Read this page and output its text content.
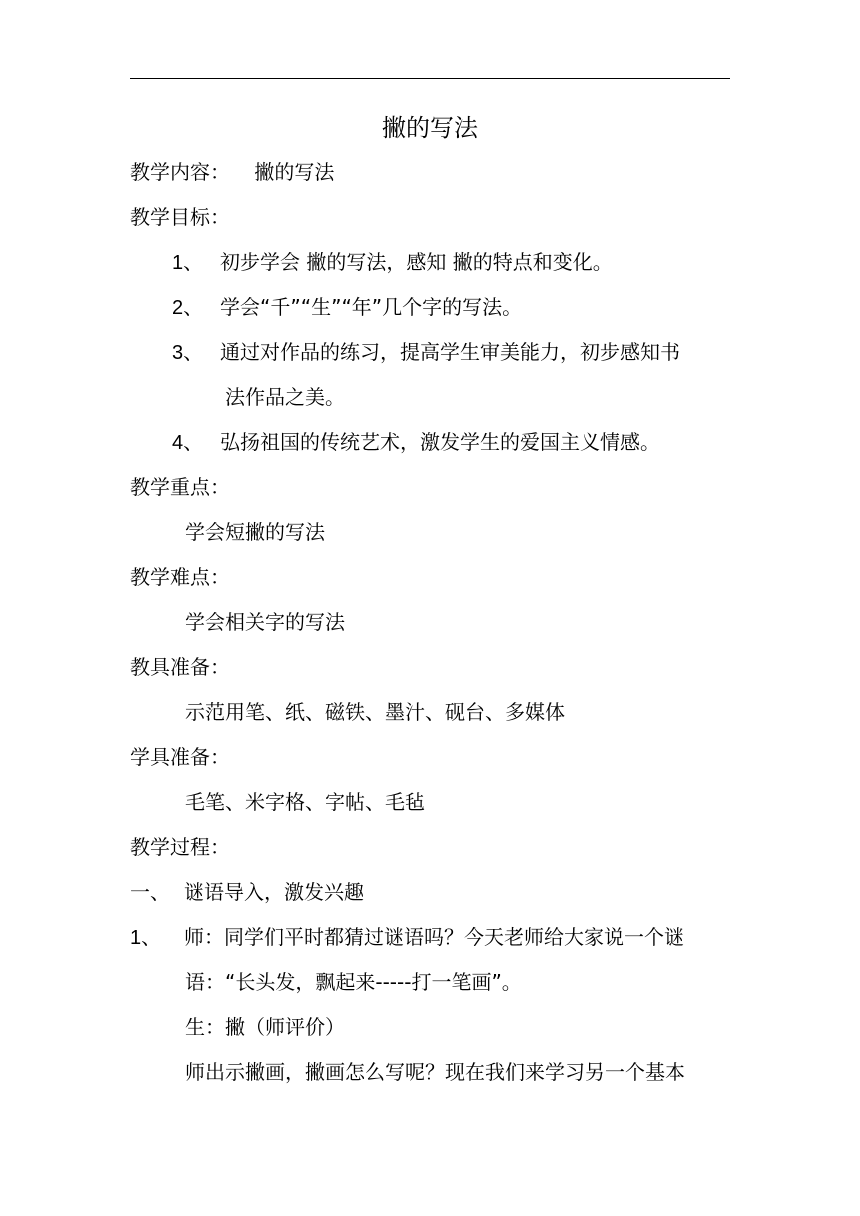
撇的写法
教学内容： 撇的写法
教学目标：
1、 初步学会 撇的写法，感知 撇的特点和变化。
2、 学会“千”“生”“年”几个字的写法。
3、 通过对作品的练习，提高学生审美能力，初步感知书
法作品之美。
4、 弘扬祖国的传统艺术，激发学生的爱国主义情感。
教学重点：
学会短撇的写法
教学难点：
学会相关字的写法
教具准备：
示范用笔、纸、磁铁、墨汁、砚台、多媒体
学具准备：
毛笔、米字格、字帖、毛毡
教学过程：
一、 谜语导入，激发兴趣
1、 师：同学们平时都猜过谜语吗？今天老师给大家说一个谜
语：“长头发，飘起来-----打一笔画”。
生：撇（师评价）
师出示撇画，撇画怎么写呢？现在我们来学习另一个基本
